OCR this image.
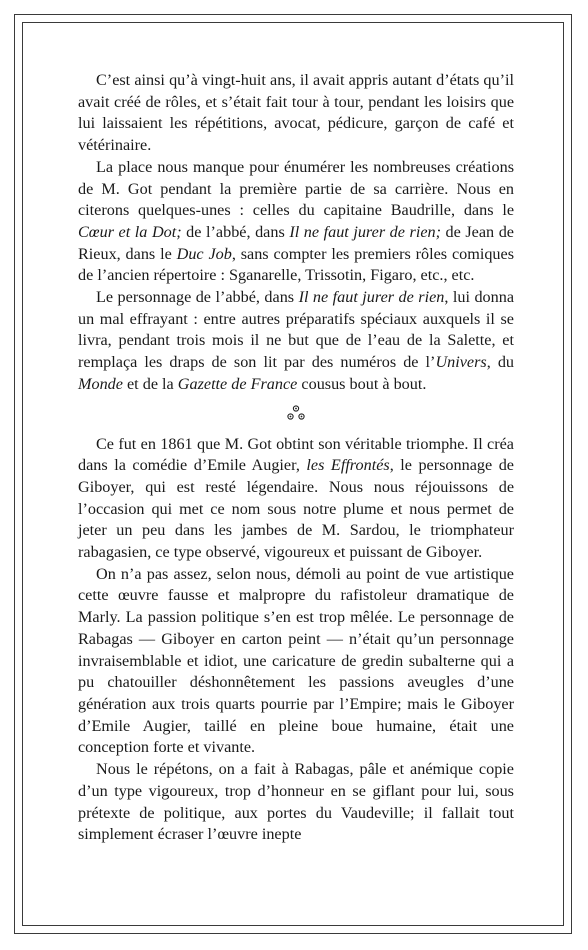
C’est ainsi qu’à vingt-huit ans, il avait appris autant d’états qu’il avait créé de rôles, et s’était fait tour à tour, pendant les loisirs que lui laissaient les répétitions, avocat, pédicure, garçon de café et vétérinaire.

La place nous manque pour énumérer les nombreuses créations de M. Got pendant la première partie de sa carrière. Nous en citerons quelques-unes : celles du capitaine Baudrille, dans le Cœur et la Dot; de l’abbé, dans Il ne faut jurer de rien; de Jean de Rieux, dans le Duc Job, sans compter les premiers rôles comiques de l’ancien répertoire : Sganarelle, Trissotin, Figaro, etc., etc.

Le personnage de l’abbé, dans Il ne faut jurer de rien, lui donna un mal effrayant : entre autres préparatifs spéciaux auxquels il se livra, pendant trois mois il ne but que de l’eau de la Salette, et remplaça les draps de son lit par des numéros de l’Univers, du Monde et de la Gazette de France cousus bout à bout.

Ce fut en 1861 que M. Got obtint son véritable triomphe. Il créa dans la comédie d’Emile Augier, les Effrontés, le personnage de Giboyer, qui est resté légendaire. Nous nous réjouissons de l’occasion qui met ce nom sous notre plume et nous permet de jeter un peu dans les jambes de M. Sardou, le triomphateur rabagasien, ce type observé, vigoureux et puissant de Giboyer.

On n’a pas assez, selon nous, démoli au point de vue artistique cette œuvre fausse et malpropre du rafistoleur dramatique de Marly. La passion politique s’en est trop mêlée. Le personnage de Rabagas — Giboyer en carton peint — n’était qu’un personnage invraisemblable et idiot, une caricature de gredin subalterne qui a pu chatouiller déshonnêtement les passions aveugles d’une génération aux trois quarts pourrie par l’Empire; mais le Giboyer d’Emile Augier, taillé en pleine boue humaine, était une conception forte et vivante.

Nous le répétons, on a fait à Rabagas, pâle et anémique copie d’un type vigoureux, trop d’honneur en se giflant pour lui, sous prétexte de politique, aux portes du Vaudeville; il fallait tout simplement écraser l’œuvre inepte
